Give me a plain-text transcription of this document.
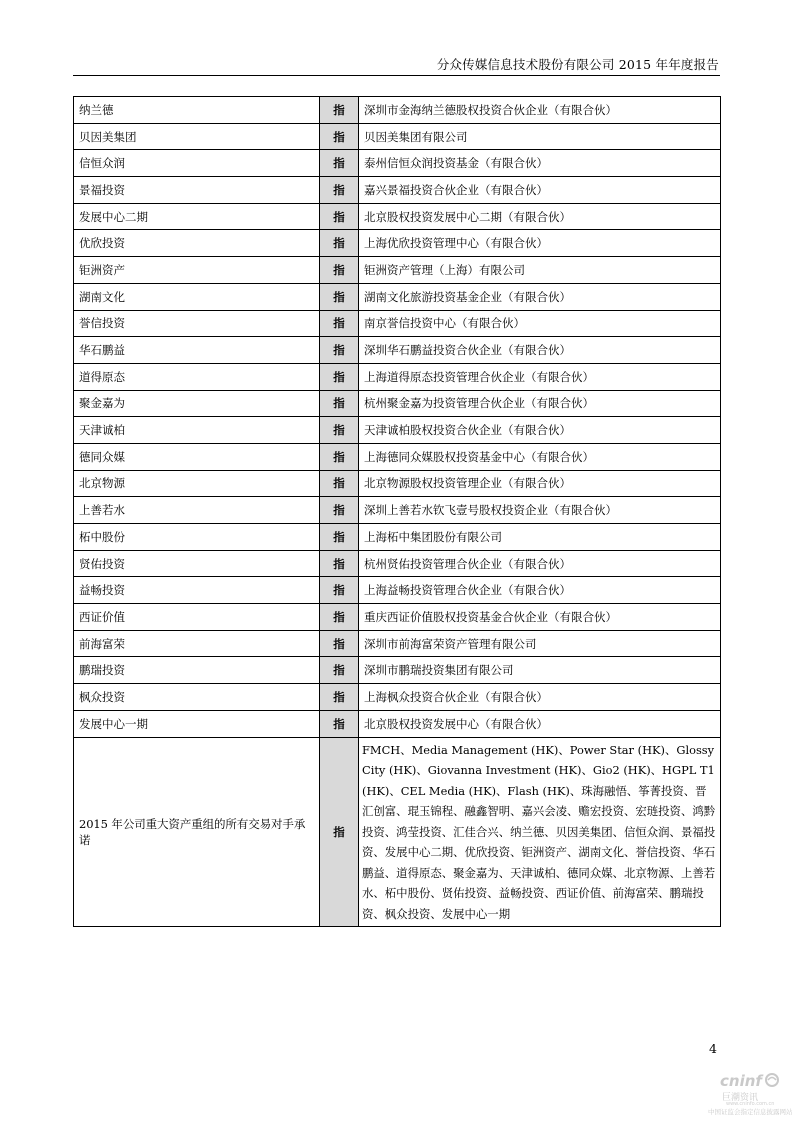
分众传媒信息技术股份有限公司 2015 年年度报告
纳兰德	指	深圳市金海纳兰德股权投资合伙企业（有限合伙）
贝因美集团	指	贝因美集团有限公司
信恒众润	指	泰州信恒众润投资基金（有限合伙）
景福投资	指	嘉兴景福投资合伙企业（有限合伙）
发展中心二期	指	北京股权投资发展中心二期（有限合伙）
优欣投资	指	上海优欣投资管理中心（有限合伙）
钜洲资产	指	钜洲资产管理（上海）有限公司
湖南文化	指	湖南文化旅游投资基金企业（有限合伙）
誉信投资	指	南京誉信投资中心（有限合伙）
华石鹏益	指	深圳华石鹏益投资合伙企业（有限合伙）
道得原态	指	上海道得原态投资管理合伙企业（有限合伙）
聚金嘉为	指	杭州聚金嘉为投资管理合伙企业（有限合伙）
天津诚柏	指	天津诚柏股权投资合伙企业（有限合伙）
德同众媒	指	上海德同众媒股权投资基金中心（有限合伙）
北京物源	指	北京物源股权投资管理企业（有限合伙）
上善若水	指	深圳上善若水钦飞壹号股权投资企业（有限合伙）
柘中股份	指	上海柘中集团股份有限公司
贤佑投资	指	杭州贤佑投资管理合伙企业（有限合伙）
益畅投资	指	上海益畅投资管理合伙企业（有限合伙）
西证价值	指	重庆西证价值股权投资基金合伙企业（有限合伙）
前海富荣	指	深圳市前海富荣资产管理有限公司
鹏瑞投资	指	深圳市鹏瑞投资集团有限公司
枫众投资	指	上海枫众投资合伙企业（有限合伙）
发展中心一期	指	北京股权投资发展中心（有限合伙）
2015 年公司重大资产重组的所有交易对手承诺	指	FMCH、Media Management (HK)、Power Star (HK)、Glossy City (HK)、Giovanna Investment (HK)、Gio2 (HK)、HGPL T1 (HK)、CEL Media (HK)、Flash (HK)、珠海融悟、筝菁投资、晋汇创富、琨玉锦程、融鑫智明、嘉兴会凌、赡宏投资、宏琏投资、鸿黔投资、鸿莹投资、汇佳合兴、纳兰德、贝因美集团、信恒众润、景福投资、发展中心二期、优欣投资、钜洲资产、湖南文化、誉信投资、华石鹏益、道得原态、聚金嘉为、天津诚柏、德同众媒、北京物源、上善若水、柘中股份、贤佑投资、益畅投资、西证价值、前海富荣、鹏瑞投资、枫众投资、发展中心一期
4
cninf
巨潮资讯
www.cninfo.com.cn
中国证监会指定信息披露网站
